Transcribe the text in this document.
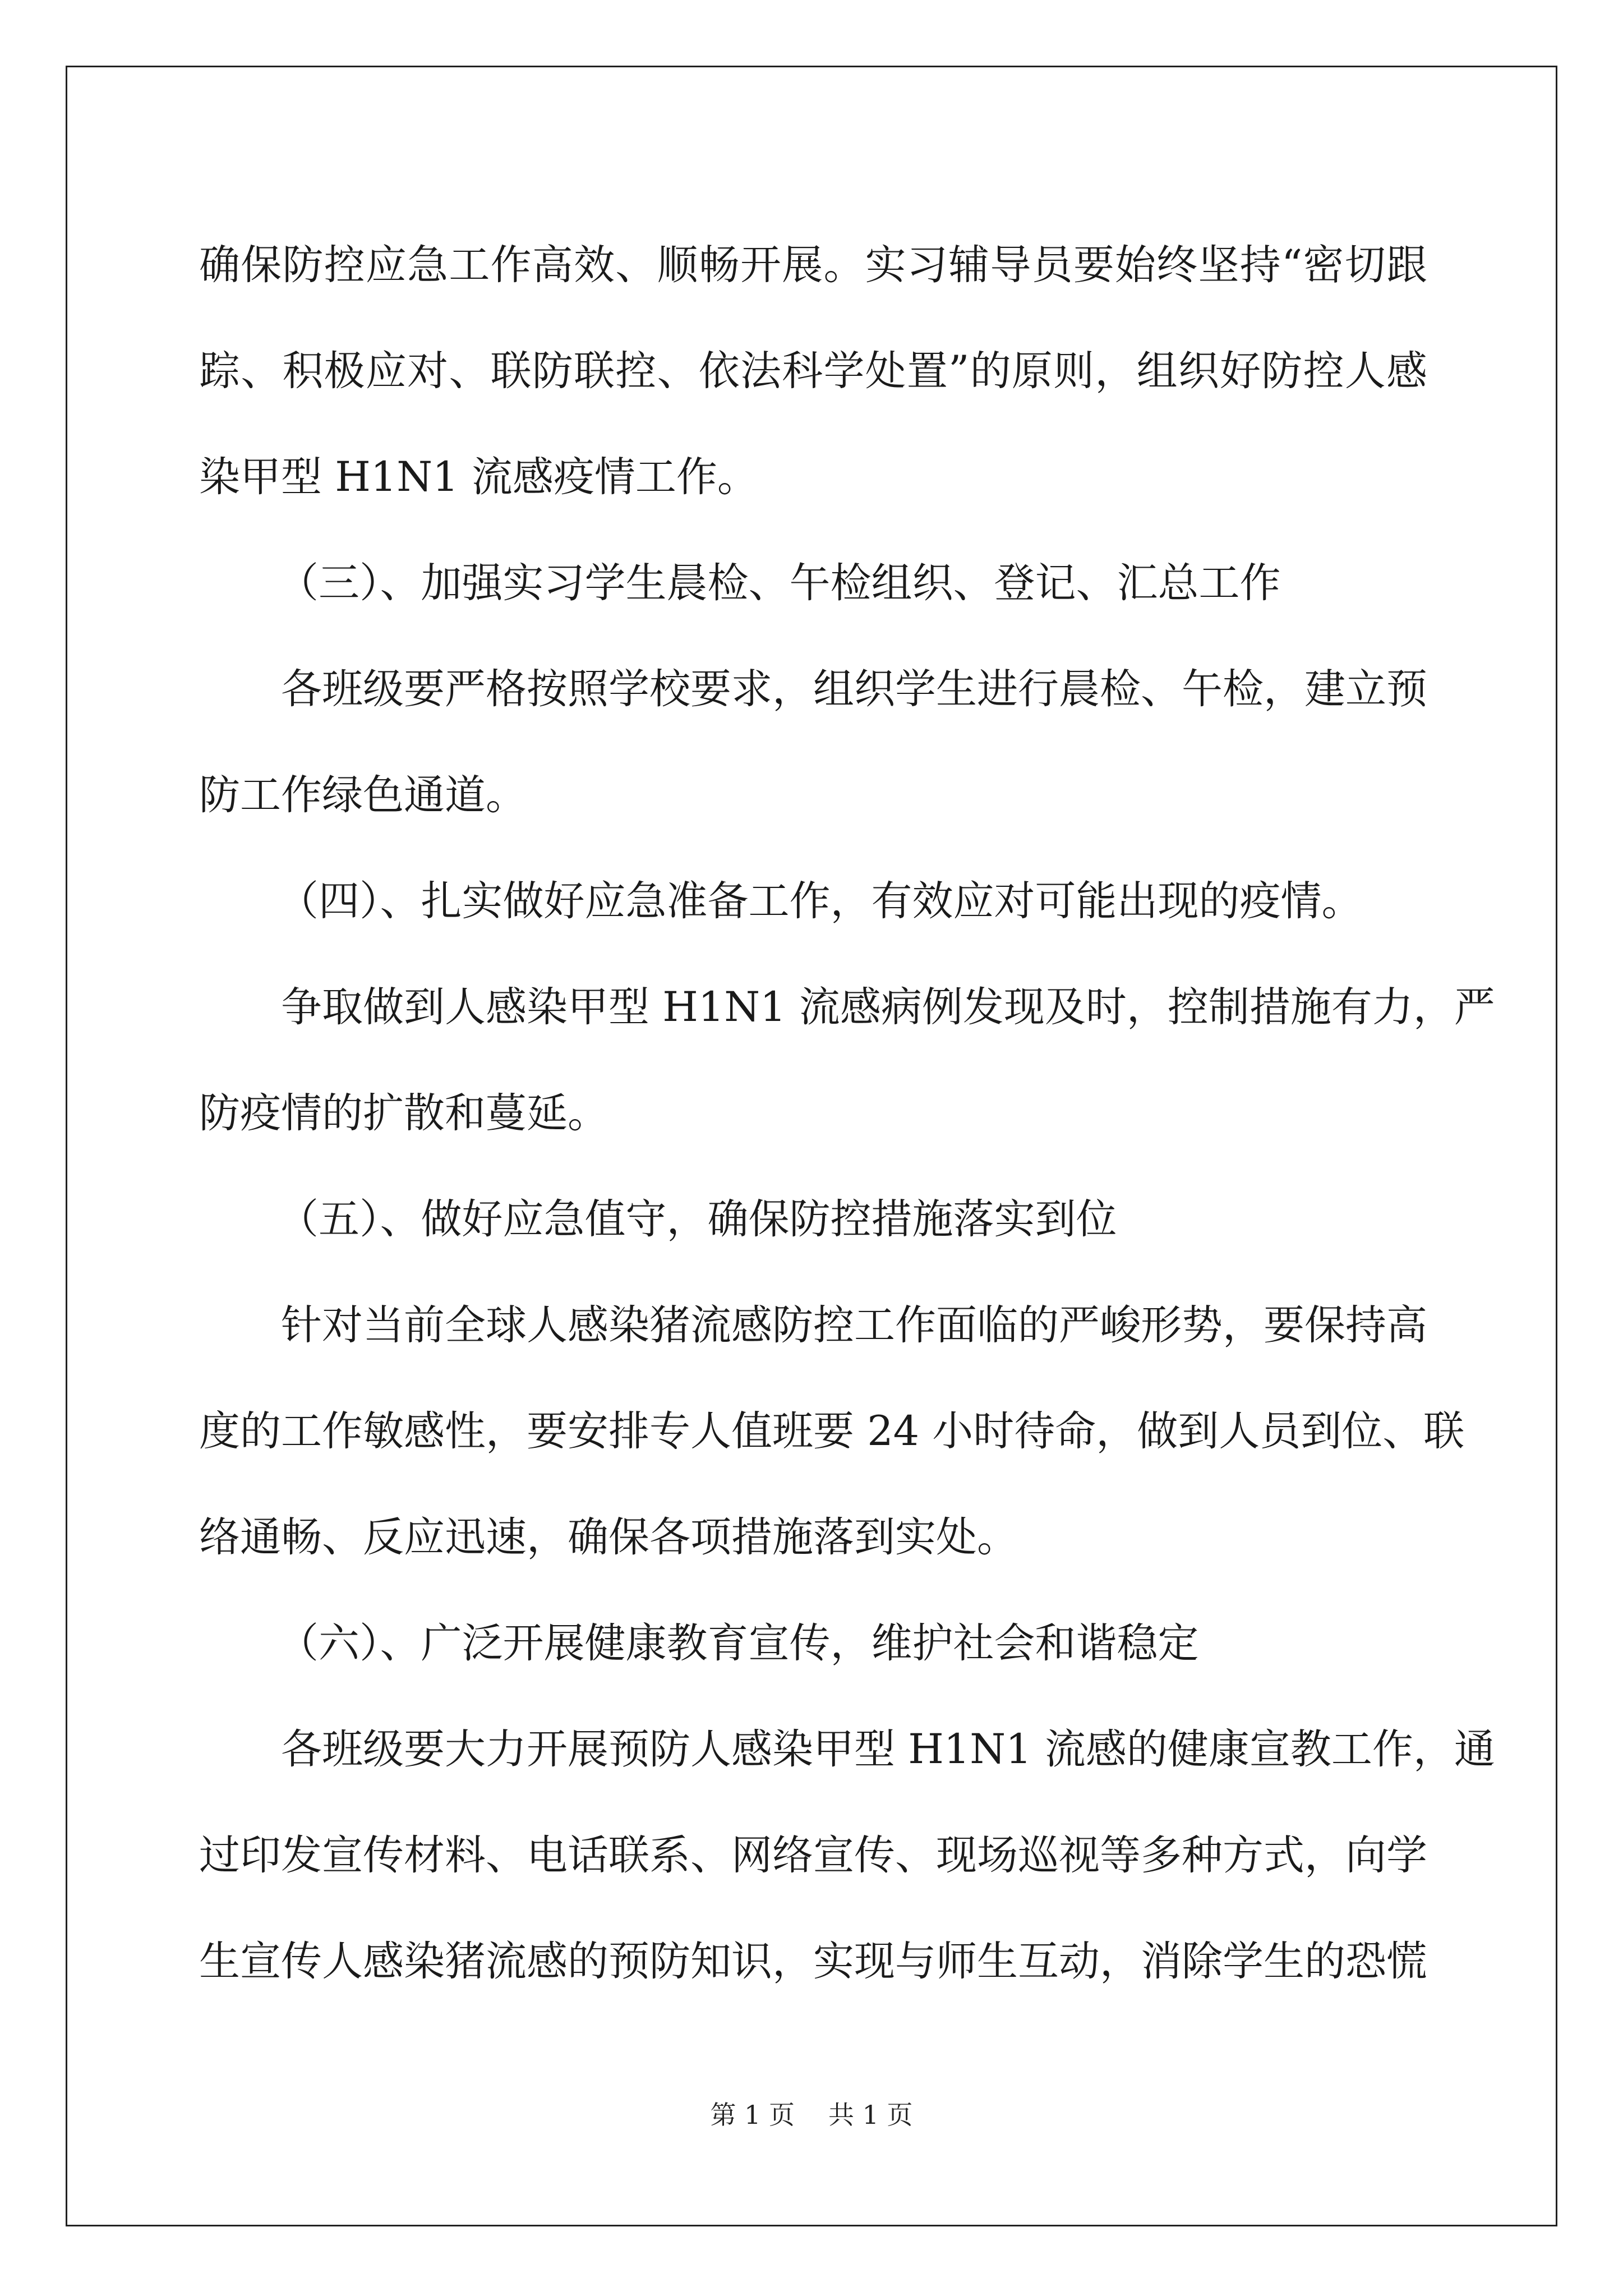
确保防控应急工作高效、顺畅开展。实习辅导员要始终坚持“密切跟
踪、积极应对、联防联控、依法科学处置”的原则，组织好防控人感
染甲型 H1N1 流感疫情工作。
（三）、加强实习学生晨检、午检组织、登记、汇总工作
各班级要严格按照学校要求，组织学生进行晨检、午检，建立预
防工作绿色通道。
（四）、扎实做好应急准备工作，有效应对可能出现的疫情。
争取做到人感染甲型 H1N1 流感病例发现及时，控制措施有力，严
防疫情的扩散和蔓延。
（五）、做好应急值守，确保防控措施落实到位
针对当前全球人感染猪流感防控工作面临的严峻形势，要保持高
度的工作敏感性，要安排专人值班要 24 小时待命，做到人员到位、联
络通畅、反应迅速，确保各项措施落到实处。
（六）、广泛开展健康教育宣传，维护社会和谐稳定
各班级要大力开展预防人感染甲型 H1N1 流感的健康宣教工作，通
过印发宣传材料、电话联系、网络宣传、现场巡视等多种方式，向学
生宣传人感染猪流感的预防知识，实现与师生互动，消除学生的恐慌
第 1 页 共 1 页
